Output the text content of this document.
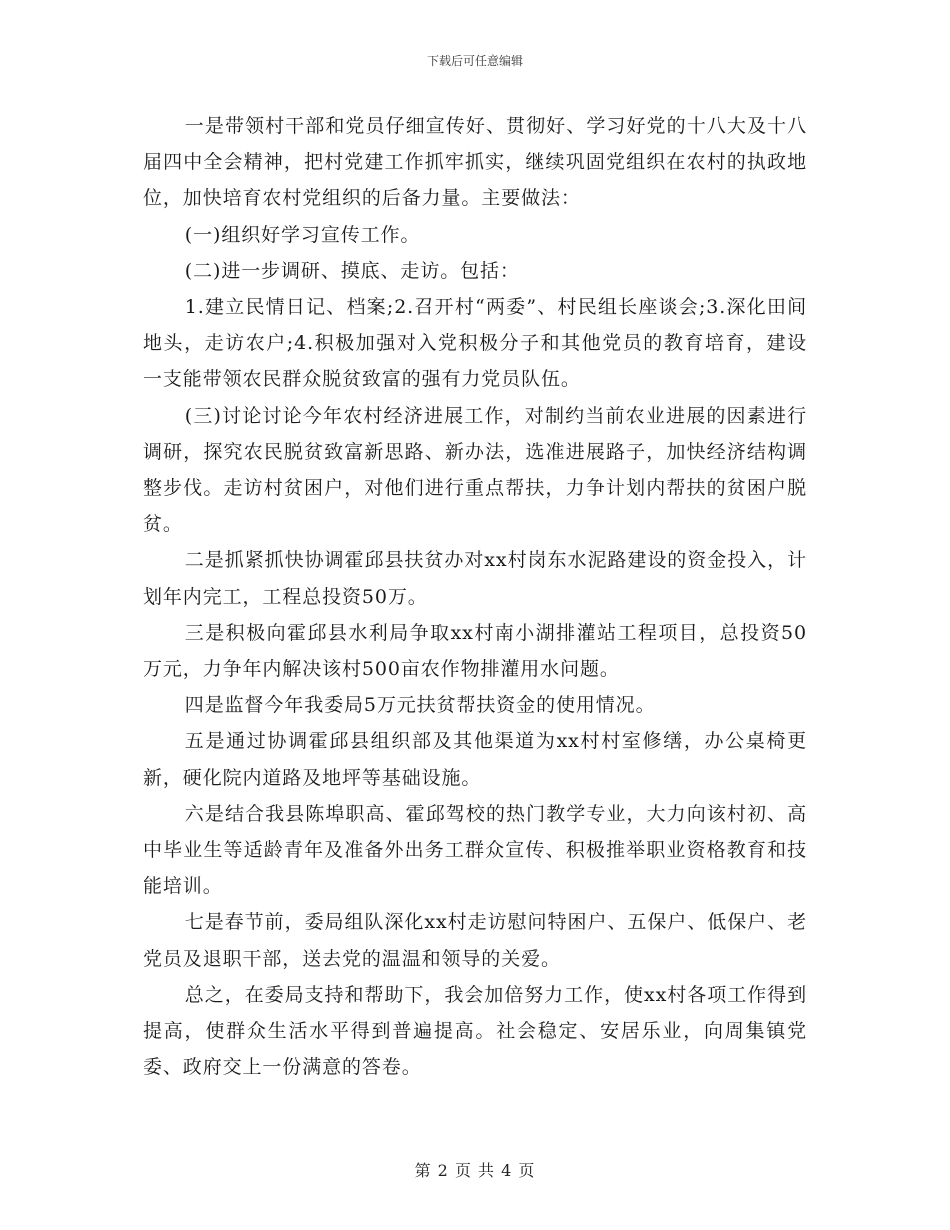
下载后可任意编辑

一是带领村干部和党员仔细宣传好、贯彻好、学习好党的十八大及十八届四中全会精神，把村党建工作抓牢抓实，继续巩固党组织在农村的执政地位，加快培育农村党组织的后备力量。主要做法：

(一)组织好学习宣传工作。

(二)进一步调研、摸底、走访。包括：

1.建立民情日记、档案;2.召开村“两委”、村民组长座谈会;3.深化田间地头，走访农户;4.积极加强对入党积极分子和其他党员的教育培育，建设一支能带领农民群众脱贫致富的强有力党员队伍。

(三)讨论讨论今年农村经济进展工作，对制约当前农业进展的因素进行调研，探究农民脱贫致富新思路、新办法，选准进展路子，加快经济结构调整步伐。走访村贫困户，对他们进行重点帮扶，力争计划内帮扶的贫困户脱贫。

二是抓紧抓快协调霍邱县扶贫办对xx村岗东水泥路建设的资金投入，计划年内完工，工程总投资50万。

三是积极向霍邱县水利局争取xx村南小湖排灌站工程项目，总投资50万元，力争年内解决该村500亩农作物排灌用水问题。

四是监督今年我委局5万元扶贫帮扶资金的使用情况。

五是通过协调霍邱县组织部及其他渠道为xx村村室修缮，办公桌椅更新，硬化院内道路及地坪等基础设施。

六是结合我县陈埠职高、霍邱驾校的热门教学专业，大力向该村初、高中毕业生等适龄青年及准备外出务工群众宣传、积极推举职业资格教育和技能培训。

七是春节前，委局组队深化xx村走访慰问特困户、五保户、低保户、老党员及退职干部，送去党的温温和领导的关爱。

总之，在委局支持和帮助下，我会加倍努力工作，使xx村各项工作得到提高，使群众生活水平得到普遍提高。社会稳定、安居乐业，向周集镇党委、政府交上一份满意的答卷。

第 2 页 共 4 页
